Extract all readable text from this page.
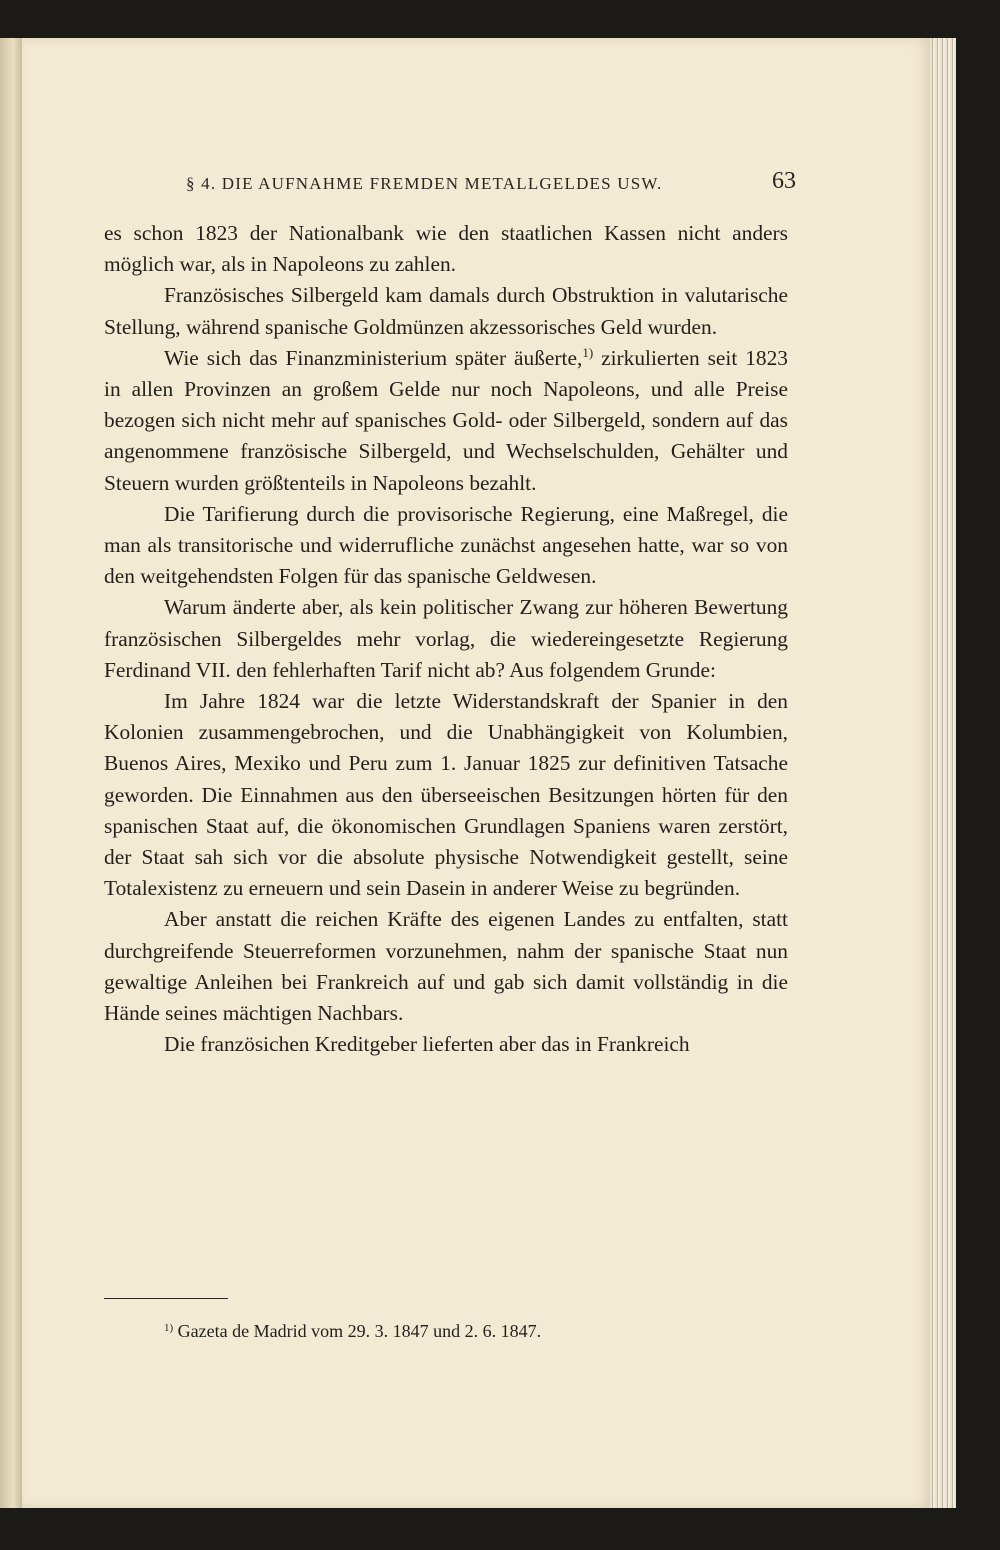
§ 4. DIE AUFNAHME FREMDEN METALLGELDES USW.	63

es schon 1823 der Nationalbank wie den staatlichen Kassen nicht anders möglich war, als in Napoleons zu zahlen.

Französisches Silbergeld kam damals durch Obstruktion in valutarische Stellung, während spanische Goldmünzen akzessorisches Geld wurden.

Wie sich das Finanzministerium später äußerte,$^{1)}$ zirkulierten seit 1823 in allen Provinzen an großem Gelde nur noch Napoleons, und alle Preise bezogen sich nicht mehr auf spanisches Gold- oder Silbergeld, sondern auf das angenommene französische Silbergeld, und Wechselschulden, Gehälter und Steuern wurden größtenteils in Napoleons bezahlt.

Die Tarifierung durch die provisorische Regierung, eine Maßregel, die man als transitorische und widerrufliche zunächst angesehen hatte, war so von den weitgehendsten Folgen für das spanische Geldwesen.

Warum änderte aber, als kein politischer Zwang zur höheren Bewertung französischen Silbergeldes mehr vorlag, die wiedereingesetzte Regierung Ferdinand VII. den fehlerhaften Tarif nicht ab? Aus folgendem Grunde:

Im Jahre 1824 war die letzte Widerstandskraft der Spanier in den Kolonien zusammengebrochen, und die Unabhängigkeit von Kolumbien, Buenos Aires, Mexiko und Peru zum 1. Januar 1825 zur definitiven Tatsache geworden. Die Einnahmen aus den überseeischen Besitzungen hörten für den spanischen Staat auf, die ökonomischen Grundlagen Spaniens waren zerstört, der Staat sah sich vor die absolute physische Notwendigkeit gestellt, seine Totalexistenz zu erneuern und sein Dasein in anderer Weise zu begründen.

Aber anstatt die reichen Kräfte des eigenen Landes zu entfalten, statt durchgreifende Steuerreformen vorzunehmen, nahm der spanische Staat nun gewaltige Anleihen bei Frankreich auf und gab sich damit vollständig in die Hände seines mächtigen Nachbars.

Die französichen Kreditgeber lieferten aber das in Frankreich

$^{1)}$ Gazeta de Madrid vom 29. 3. 1847 und 2. 6. 1847.
